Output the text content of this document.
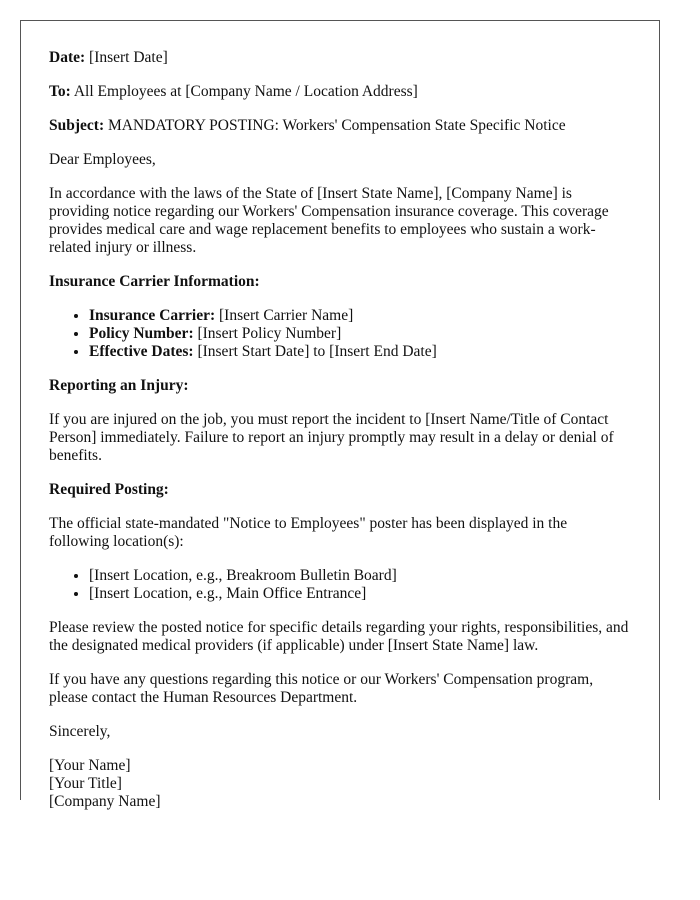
Date: [Insert Date]

To: All Employees at [Company Name / Location Address]

Subject: MANDATORY POSTING: Workers' Compensation State Specific Notice

Dear Employees,

In accordance with the laws of the State of [Insert State Name], [Company Name] is providing notice regarding our Workers' Compensation insurance coverage. This coverage provides medical care and wage replacement benefits to employees who sustain a work-related injury or illness.

Insurance Carrier Information:
• Insurance Carrier: [Insert Carrier Name]
• Policy Number: [Insert Policy Number]
• Effective Dates: [Insert Start Date] to [Insert End Date]
Reporting an Injury:

If you are injured on the job, you must report the incident to [Insert Name/Title of Contact Person] immediately. Failure to report an injury promptly may result in a delay or denial of benefits.

Required Posting:

The official state-mandated "Notice to Employees" poster has been displayed in the following location(s):

• [Insert Location, e.g., Breakroom Bulletin Board]
• [Insert Location, e.g., Main Office Entrance]

Please review the posted notice for specific details regarding your rights, responsibilities, and the designated medical providers (if applicable) under [Insert State Name] law.

If you have any questions regarding this notice or our Workers' Compensation program, please contact the Human Resources Department.

Sincerely,

[Your Name]
[Your Title]
[Company Name]
